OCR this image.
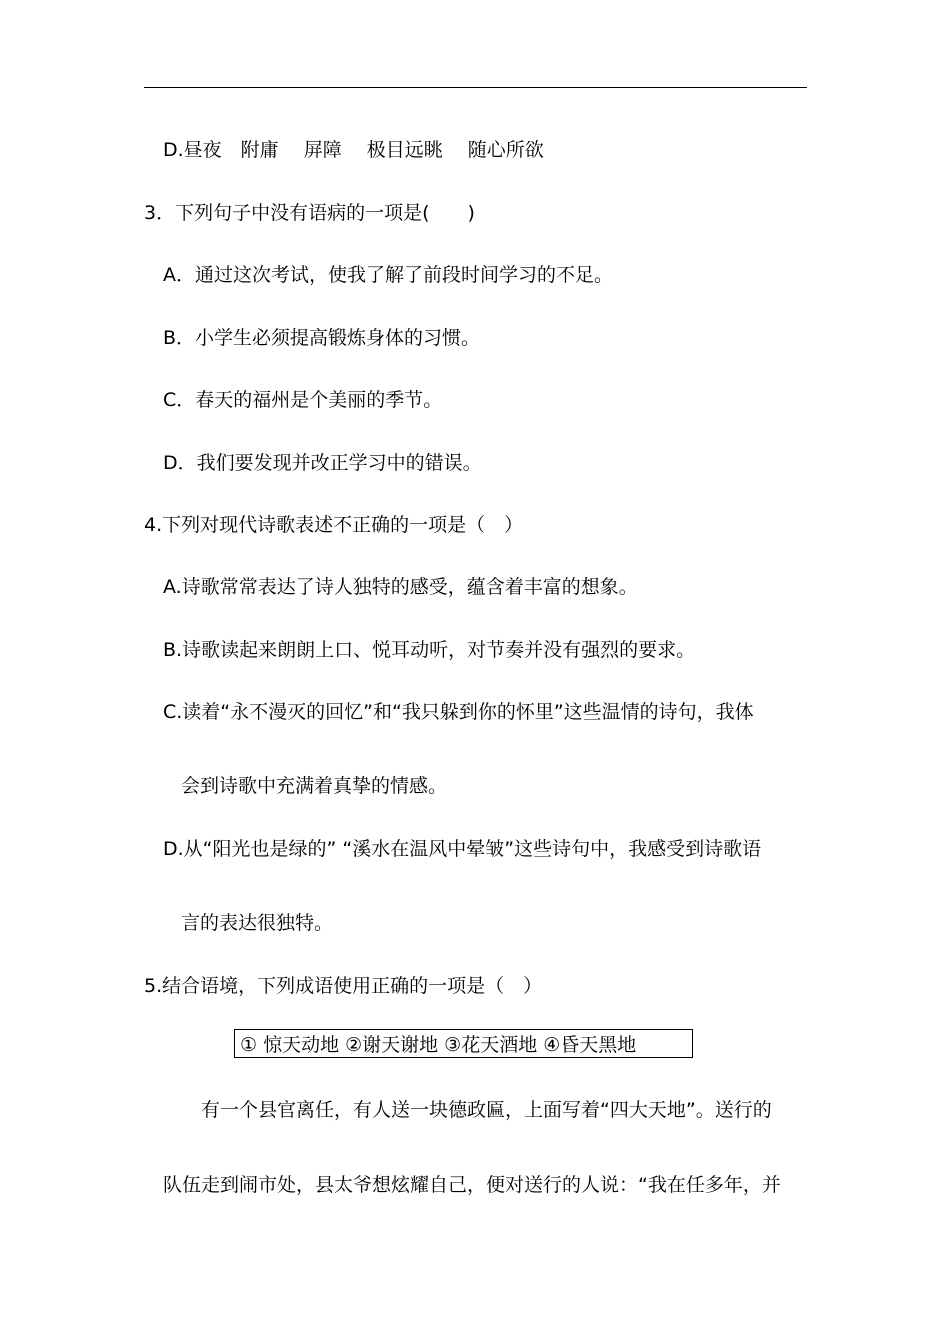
D.昼夜　附庸　 屏障　 极目远眺　 随心所欲
3．下列句子中没有语病的一项是(　　)
A．通过这次考试，使我了解了前段时间学习的不足。
B．小学生必须提高锻炼身体的习惯。
C．春天的福州是个美丽的季节。
D．我们要发现并改正学习中的错误。
4.下列对现代诗歌表述不正确的一项是（　）
A.诗歌常常表达了诗人独特的感受，蕴含着丰富的想象。
B.诗歌读起来朗朗上口、悦耳动听，对节奏并没有强烈的要求。
C.读着“永不漫灭的回忆”和“我只躲到你的怀里”这些温情的诗句，我体
会到诗歌中充满着真挚的情感。
D.从“阳光也是绿的” “溪水在温风中晕皱”这些诗句中，我感受到诗歌语
言的表达很独特。
5.结合语境，下列成语使用正确的一项是（　）
① 惊天动地 ②谢天谢地 ③花天酒地 ④昏天黑地
有一个县官离任，有人送一块德政匾，上面写着“四大天地”。送行的
队伍走到闹市处，县太爷想炫耀自己，便对送行的人说：“我在任多年，并
